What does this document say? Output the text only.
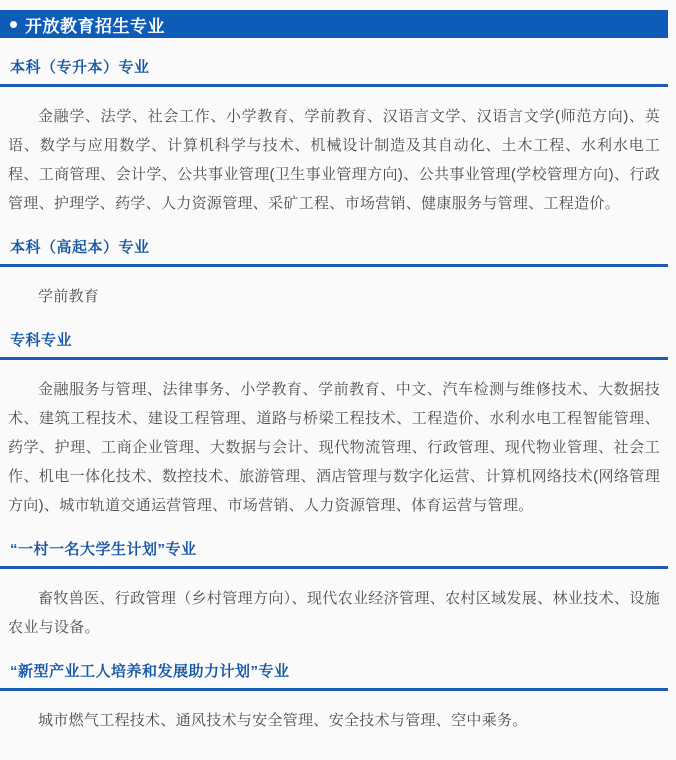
开放教育招生专业
本科（专升本）专业

金融学、法学、社会工作、小学教育、学前教育、汉语言文学、汉语言文学(师范方向)、英语、数学与应用数学、计算机科学与技术、机械设计制造及其自动化、土木工程、水利水电工程、工商管理、会计学、公共事业管理(卫生事业管理方向)、公共事业管理(学校管理方向)、行政管理、护理学、药学、人力资源管理、采矿工程、市场营销、健康服务与管理、工程造价。

本科（高起本）专业

学前教育

专科专业

金融服务与管理、法律事务、小学教育、学前教育、中文、汽车检测与维修技术、大数据技术、建筑工程技术、建设工程管理、道路与桥梁工程技术、工程造价、水利水电工程智能管理、药学、护理、工商企业管理、大数据与会计、现代物流管理、行政管理、现代物业管理、社会工作、机电一体化技术、数控技术、旅游管理、酒店管理与数字化运营、计算机网络技术(网络管理方向)、城市轨道交通运营管理、市场营销、人力资源管理、体育运营与管理。

“一村一名大学生计划”专业

畜牧兽医、行政管理（乡村管理方向）、现代农业经济管理、农村区域发展、林业技术、设施农业与设备。

“新型产业工人培养和发展助力计划”专业

城市燃气工程技术、通风技术与安全管理、安全技术与管理、空中乘务。
